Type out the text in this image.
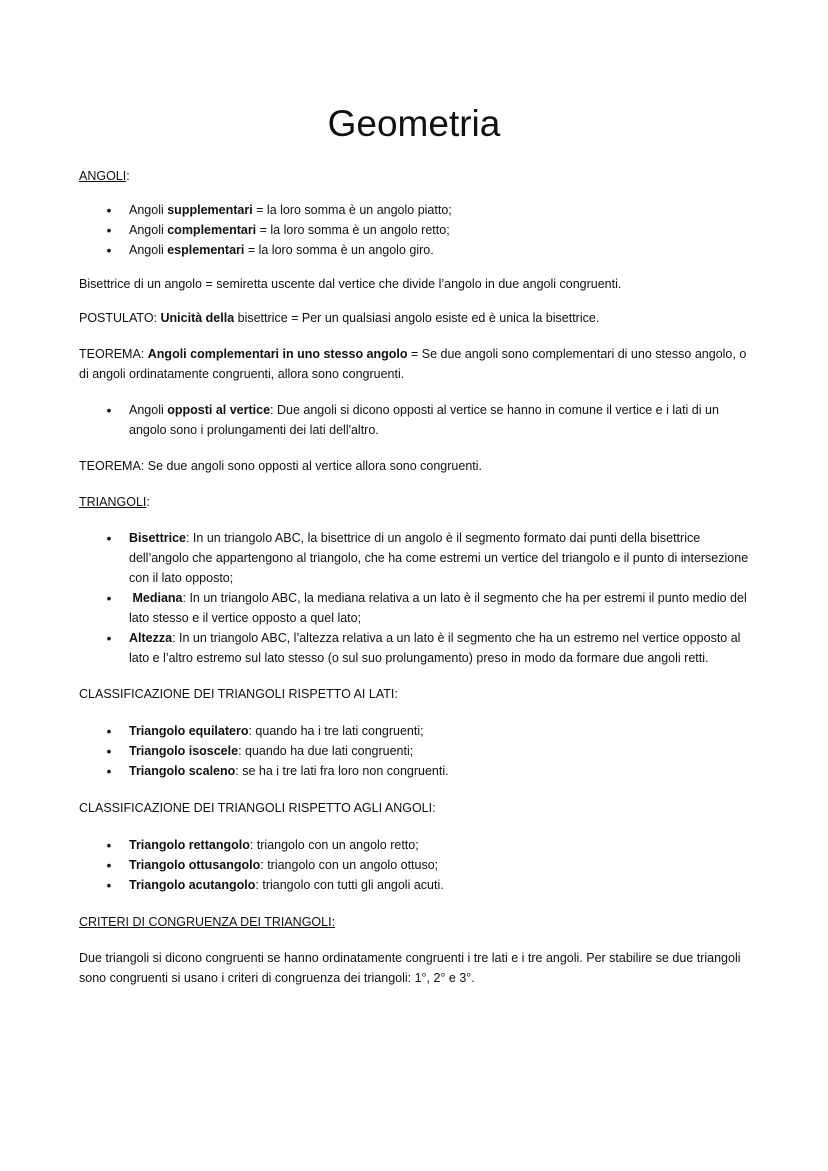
Geometria
ANGOLI:
•
Angoli supplementari = la loro somma è un angolo piatto;
•
Angoli complementari = la loro somma è un angolo retto;
•
Angoli esplementari = la loro somma è un angolo giro.
Bisettrice di un angolo = semiretta uscente dal vertice che divide l’angolo in due angoli congruenti.
POSTULATO: Unicità della bisettrice = Per un qualsiasi angolo esiste ed è unica la bisettrice.
TEOREMA: Angoli complementari in uno stesso angolo = Se due angoli sono complementari di uno stesso angolo, o di angoli ordinatamente congruenti, allora sono congruenti.
•
Angoli opposti al vertice: Due angoli si dicono opposti al vertice se hanno in comune il vertice e i lati di un angolo sono i prolungamenti dei lati dell'altro.
TEOREMA: Se due angoli sono opposti al vertice allora sono congruenti.
TRIANGOLI:
•
Bisettrice: In un triangolo ABC, la bisettrice di un angolo è il segmento formato dai punti della bisettrice dell’angolo che appartengono al triangolo, che ha come estremi un vertice del triangolo e il punto di intersezione con il lato opposto;
•
Mediana: In un triangolo ABC, la mediana relativa a un lato è il segmento che ha per estremi il punto medio del lato stesso e il vertice opposto a quel lato;
•
Altezza: In un triangolo ABC, l’altezza relativa a un lato è il segmento che ha un estremo nel vertice opposto al lato e l’altro estremo sul lato stesso (o sul suo prolungamento) preso in modo da formare due angoli retti.
CLASSIFICAZIONE DEI TRIANGOLI RISPETTO AI LATI:
•
Triangolo equilatero: quando ha i tre lati congruenti;
•
Triangolo isoscele: quando ha due lati congruenti;
•
Triangolo scaleno: se ha i tre lati fra loro non congruenti.
CLASSIFICAZIONE DEI TRIANGOLI RISPETTO AGLI ANGOLI:
•
Triangolo rettangolo: triangolo con un angolo retto;
•
Triangolo ottusangolo: triangolo con un angolo ottuso;
•
Triangolo acutangolo: triangolo con tutti gli angoli acuti.
CRITERI DI CONGRUENZA DEI TRIANGOLI:
Due triangoli si dicono congruenti se hanno ordinatamente congruenti i tre lati e i tre angoli. Per stabilire se due triangoli sono congruenti si usano i criteri di congruenza dei triangoli: 1°, 2° e 3°.
